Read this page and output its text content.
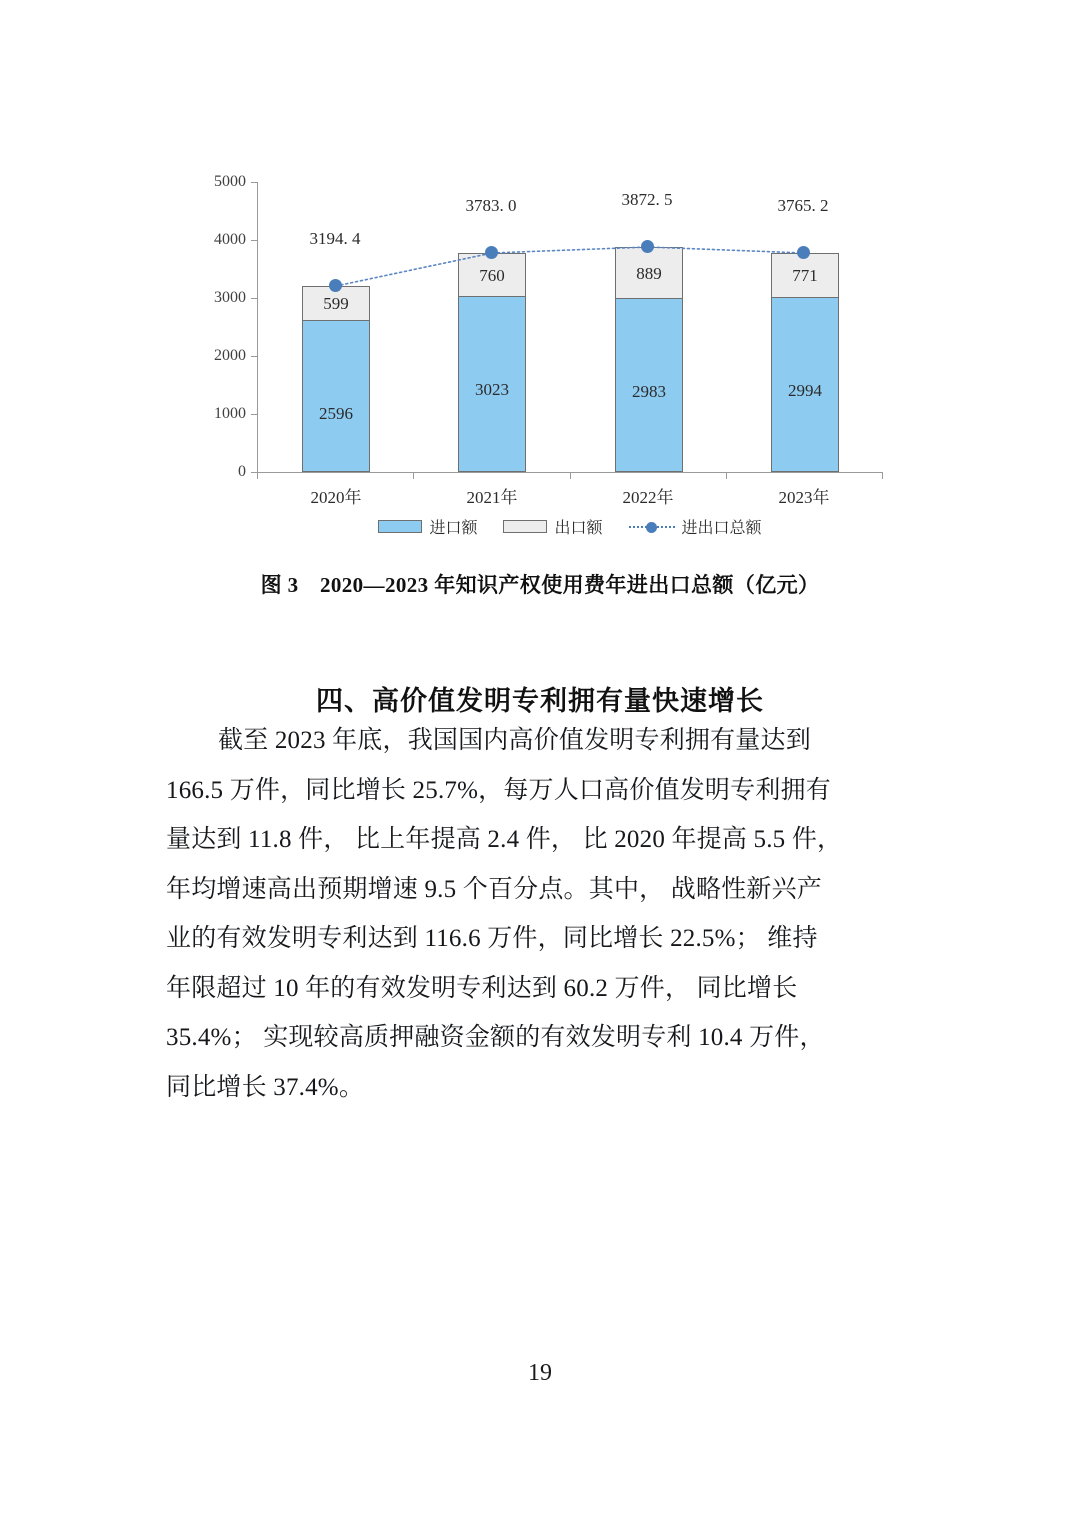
0
1000
2000
3000
4000
5000
599
2596
760
3023
889
2983
771
2994
3194. 4
3783. 0	3872. 5	3765. 2
2020年	2021年	2022年	2023年
进口额	出口额	进出口总额
图 3　2020—2023 年知识产权使用费年进出口总额（亿元）
四、高价值发明专利拥有量快速增长
截至 2023 年底，我国国内高价值发明专利拥有量达到
166.5 万件，同比增长 25.7%，每万人口高价值发明专利拥有
量达到 11.8 件， 比上年提高 2.4 件， 比 2020 年提高 5.5 件，
年均增速高出预期增速 9.5 个百分点。其中， 战略性新兴产
业的有效发明专利达到 116.6 万件，同比增长 22.5%； 维持
年限超过 10 年的有效发明专利达到 60.2 万件， 同比增长
35.4%； 实现较高质押融资金额的有效发明专利 10.4 万件，
同比增长 37.4%。
19
